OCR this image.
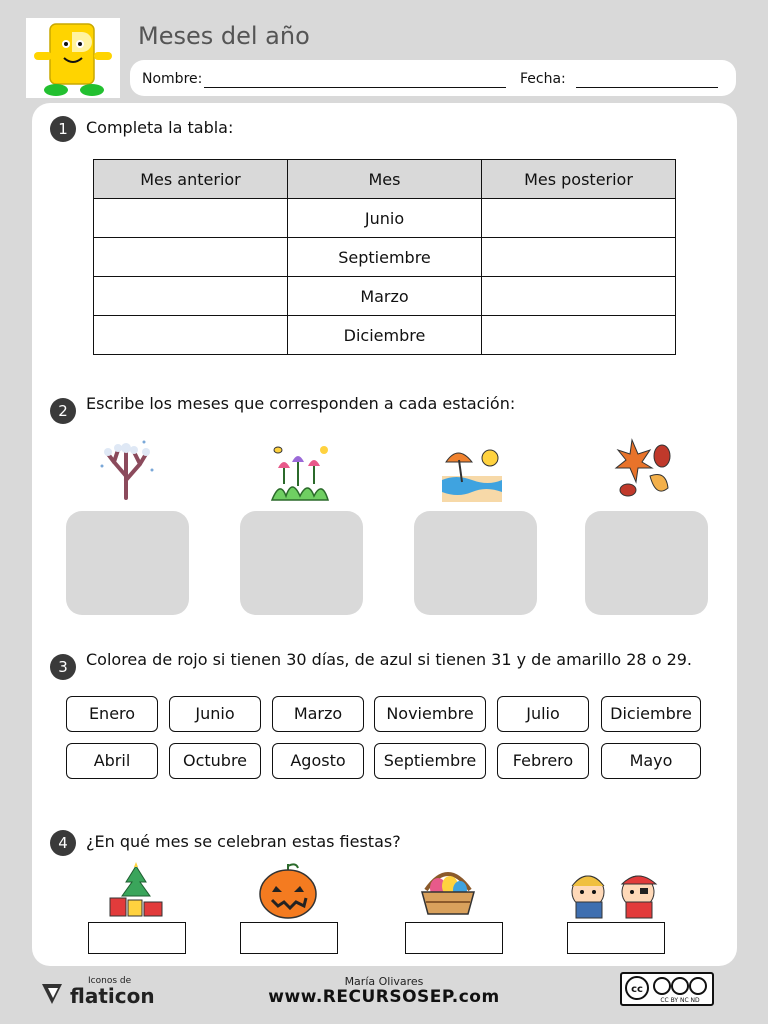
Meses del año
Nombre:	Fecha:
1	Completa la tabla:
Mes anterior	Mes	Mes posterior
	Junio	
	Septiembre	
	Marzo	
	Diciembre	
2	Escribe los meses que corresponden a cada estación:
3	Colorea de rojo si tienen 30 días, de azul si tienen 31 y de amarillo 28 o 29.
Enero	Junio	Marzo	Noviembre	Julio	Diciembre
Abril	Octubre	Agosto	Septiembre	Febrero	Mayo
4	¿En qué mes se celebran estas fiestas?
Iconos de
flaticon
María Olivares
www.RECURSOSEP.com	cc
CC BY NC ND
